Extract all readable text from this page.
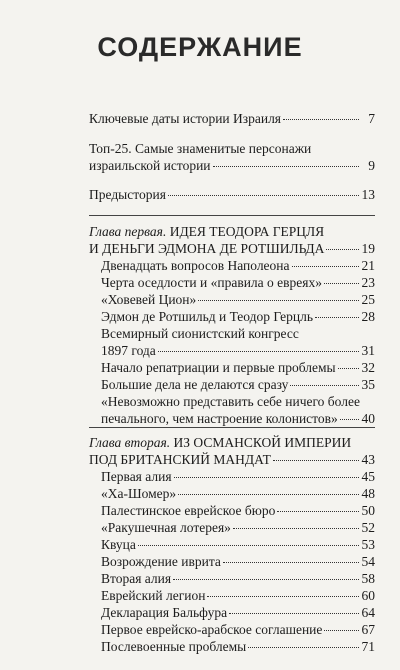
СОДЕРЖАНИЕ
Ключевые даты истории Израиля	7
Топ-25. Самые знаменитые персонажи
израильской истории	9
Предыстория	13
Глава первая. ИДЕЯ ТЕОДОРА ГЕРЦЛЯ
И ДЕНЬГИ ЭДМОНА ДЕ РОТШИЛЬДА	19
Двенадцать вопросов Наполеона	21
Черта оседлости и «правила о евреях»	23
«Ховевей Цион»	25
Эдмон де Ротшильд и Теодор Герцль	28
Всемирный сионистский конгресс
1897 года	31
Начало репатриации и первые проблемы 32
Большие дела не делаются сразу	35
«Невозможно представить себе ничего более
печального, чем настроение колонистов» 40
Глава вторая. ИЗ ОСМАНСКОЙ ИМПЕРИИ
ПОД БРИТАНСКИЙ МАНДАТ	43
Первая алия	45
«Ха-Шомер»	48
Палестинское еврейское бюро	50
«Ракушечная лотерея»	52
Квуца	53
Возрождение иврита	54
Вторая алия	58
Еврейский легион	60
Декларация Бальфура	64
Первое еврейско-арабское соглашение	67
Послевоенные проблемы	71
